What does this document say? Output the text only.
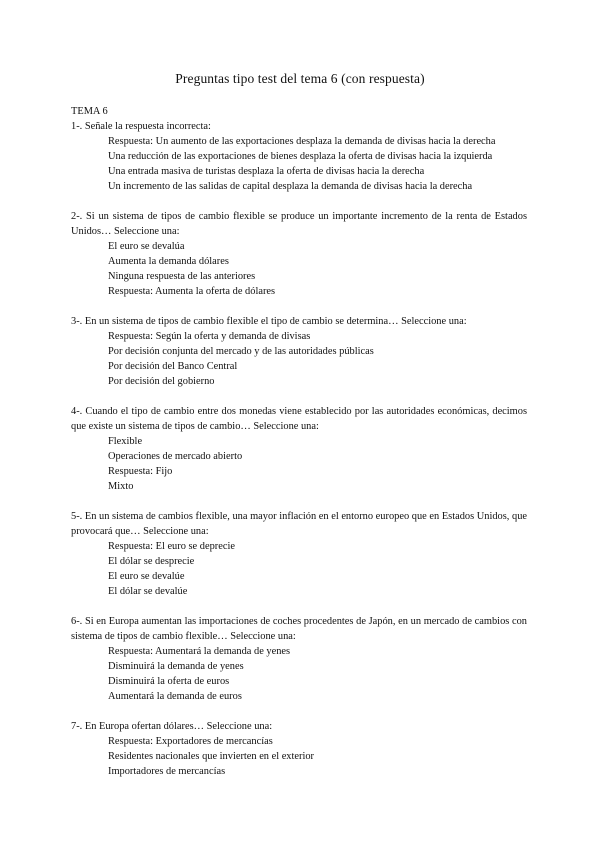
Preguntas tipo test del tema 6 (con respuesta)
TEMA 6
1-. Señale la respuesta incorrecta:
Respuesta: Un aumento de las exportaciones desplaza la demanda de divisas hacia la derecha
Una reducción de las exportaciones de bienes desplaza la oferta de divisas hacia la izquierda
Una entrada masiva de turistas desplaza la oferta de divisas hacia la derecha
Un incremento de las salidas de capital desplaza la demanda de divisas hacia la derecha
2-. Si un sistema de tipos de cambio flexible se produce un importante incremento de la renta de Estados Unidos… Seleccione una:
El euro se devalúa
Aumenta la demanda dólares
Ninguna respuesta de las anteriores
Respuesta: Aumenta la oferta de dólares
3-. En un sistema de tipos de cambio flexible el tipo de cambio se determina… Seleccione una:
Respuesta: Según la oferta y demanda de divisas
Por decisión conjunta del mercado y de las autoridades públicas
Por decisión del Banco Central
Por decisión del gobierno
4-. Cuando el tipo de cambio entre dos monedas viene establecido por las autoridades económicas, decimos que existe un sistema de tipos de cambio… Seleccione una:
Flexible
Operaciones de mercado abierto
Respuesta: Fijo
Mixto
5-. En un sistema de cambios flexible, una mayor inflación en el entorno europeo que en Estados Unidos, que provocará que… Seleccione una:
Respuesta: El euro se deprecie
El dólar se desprecie
El euro se devalúe
El dólar se devalúe
6-. Si en Europa aumentan las importaciones de coches procedentes de Japón, en un mercado de cambios con sistema de tipos de cambio flexible… Seleccione una:
Respuesta: Aumentará la demanda de yenes
Disminuirá la demanda de yenes
Disminuirá la oferta de euros
Aumentará la demanda de euros
7-. En Europa ofertan dólares… Seleccione una:
Respuesta: Exportadores de mercancías
Residentes nacionales que invierten en el exterior
Importadores de mercancías
